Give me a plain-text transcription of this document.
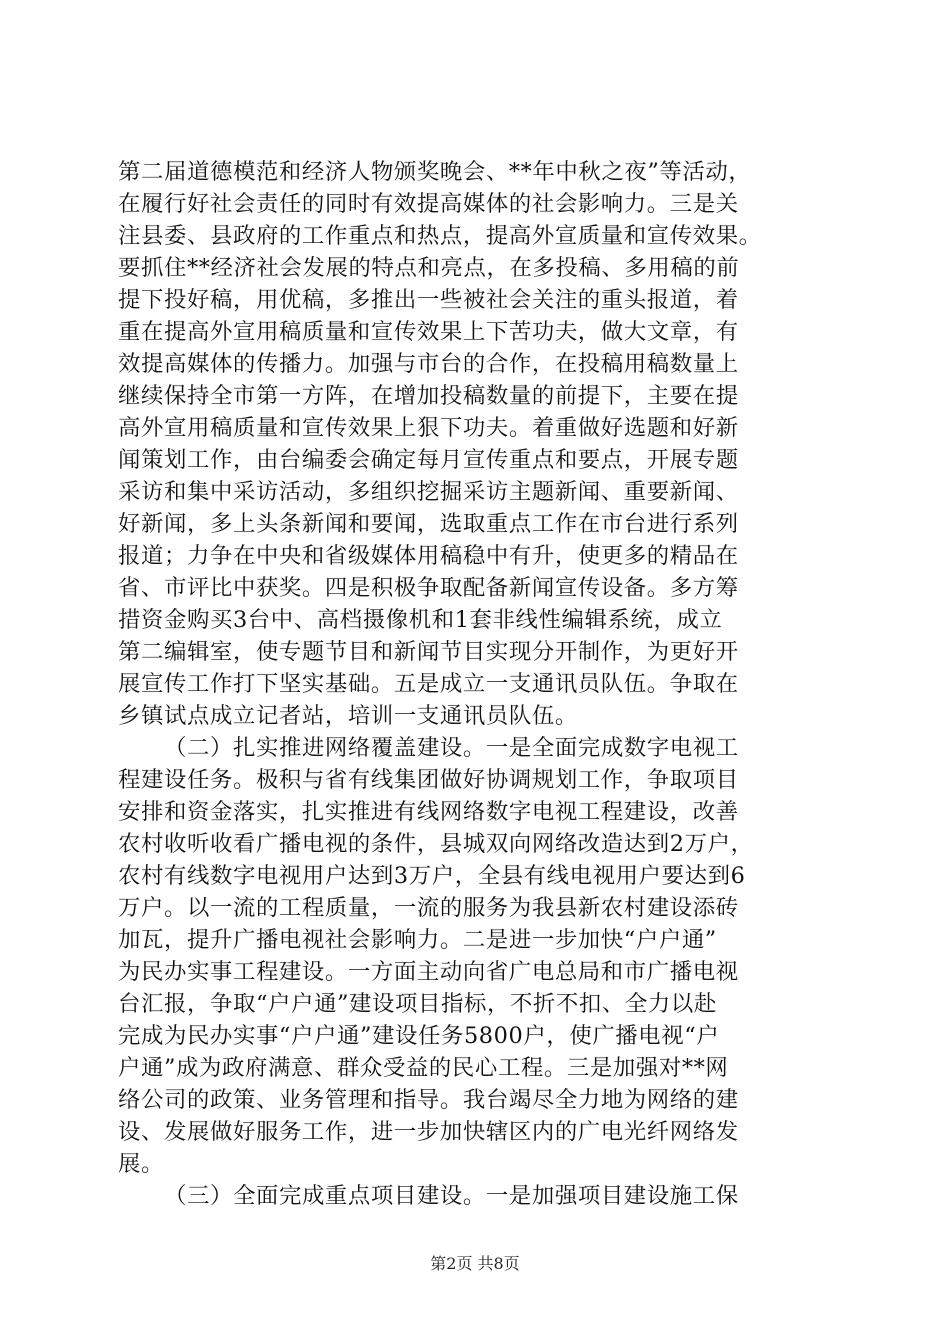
第二届道德模范和经济人物颁奖晚会、**年中秋之夜”等活动，
在履行好社会责任的同时有效提高媒体的社会影响力。三是关
注县委、县政府的工作重点和热点，提高外宣质量和宣传效果。
要抓住**经济社会发展的特点和亮点，在多投稿、多用稿的前
提下投好稿，用优稿，多推出一些被社会关注的重头报道，着
重在提高外宣用稿质量和宣传效果上下苦功夫，做大文章，有
效提高媒体的传播力。加强与市台的合作，在投稿用稿数量上
继续保持全市第一方阵，在增加投稿数量的前提下，主要在提
高外宣用稿质量和宣传效果上狠下功夫。着重做好选题和好新
闻策划工作，由台编委会确定每月宣传重点和要点，开展专题
采访和集中采访活动，多组织挖掘采访主题新闻、重要新闻、
好新闻，多上头条新闻和要闻，选取重点工作在市台进行系列
报道；力争在中央和省级媒体用稿稳中有升，使更多的精品在
省、市评比中获奖。四是积极争取配备新闻宣传设备。多方筹
措资金购买3台中、高档摄像机和1套非线性编辑系统，成立
第二编辑室，使专题节目和新闻节目实现分开制作，为更好开
展宣传工作打下坚实基础。五是成立一支通讯员队伍。争取在
乡镇试点成立记者站，培训一支通讯员队伍。
（二）扎实推进网络覆盖建设。一是全面完成数字电视工
程建设任务。极积与省有线集团做好协调规划工作，争取项目
安排和资金落实，扎实推进有线网络数字电视工程建设，改善
农村收听收看广播电视的条件，县城双向网络改造达到2万户，
农村有线数字电视用户达到3万户，全县有线电视用户要达到6
万户。以一流的工程质量，一流的服务为我县新农村建设添砖
加瓦，提升广播电视社会影响力。二是进一步加快“户户通”
为民办实事工程建设。一方面主动向省广电总局和市广播电视
台汇报，争取“户户通”建设项目指标，不折不扣、全力以赴
完成为民办实事“户户通”建设任务5800户，使广播电视“户
户通”成为政府满意、群众受益的民心工程。三是加强对**网
络公司的政策、业务管理和指导。我台竭尽全力地为网络的建
设、发展做好服务工作，进一步加快辖区内的广电光纤网络发
展。
（三）全面完成重点项目建设。一是加强项目建设施工保
第2页 共8页
